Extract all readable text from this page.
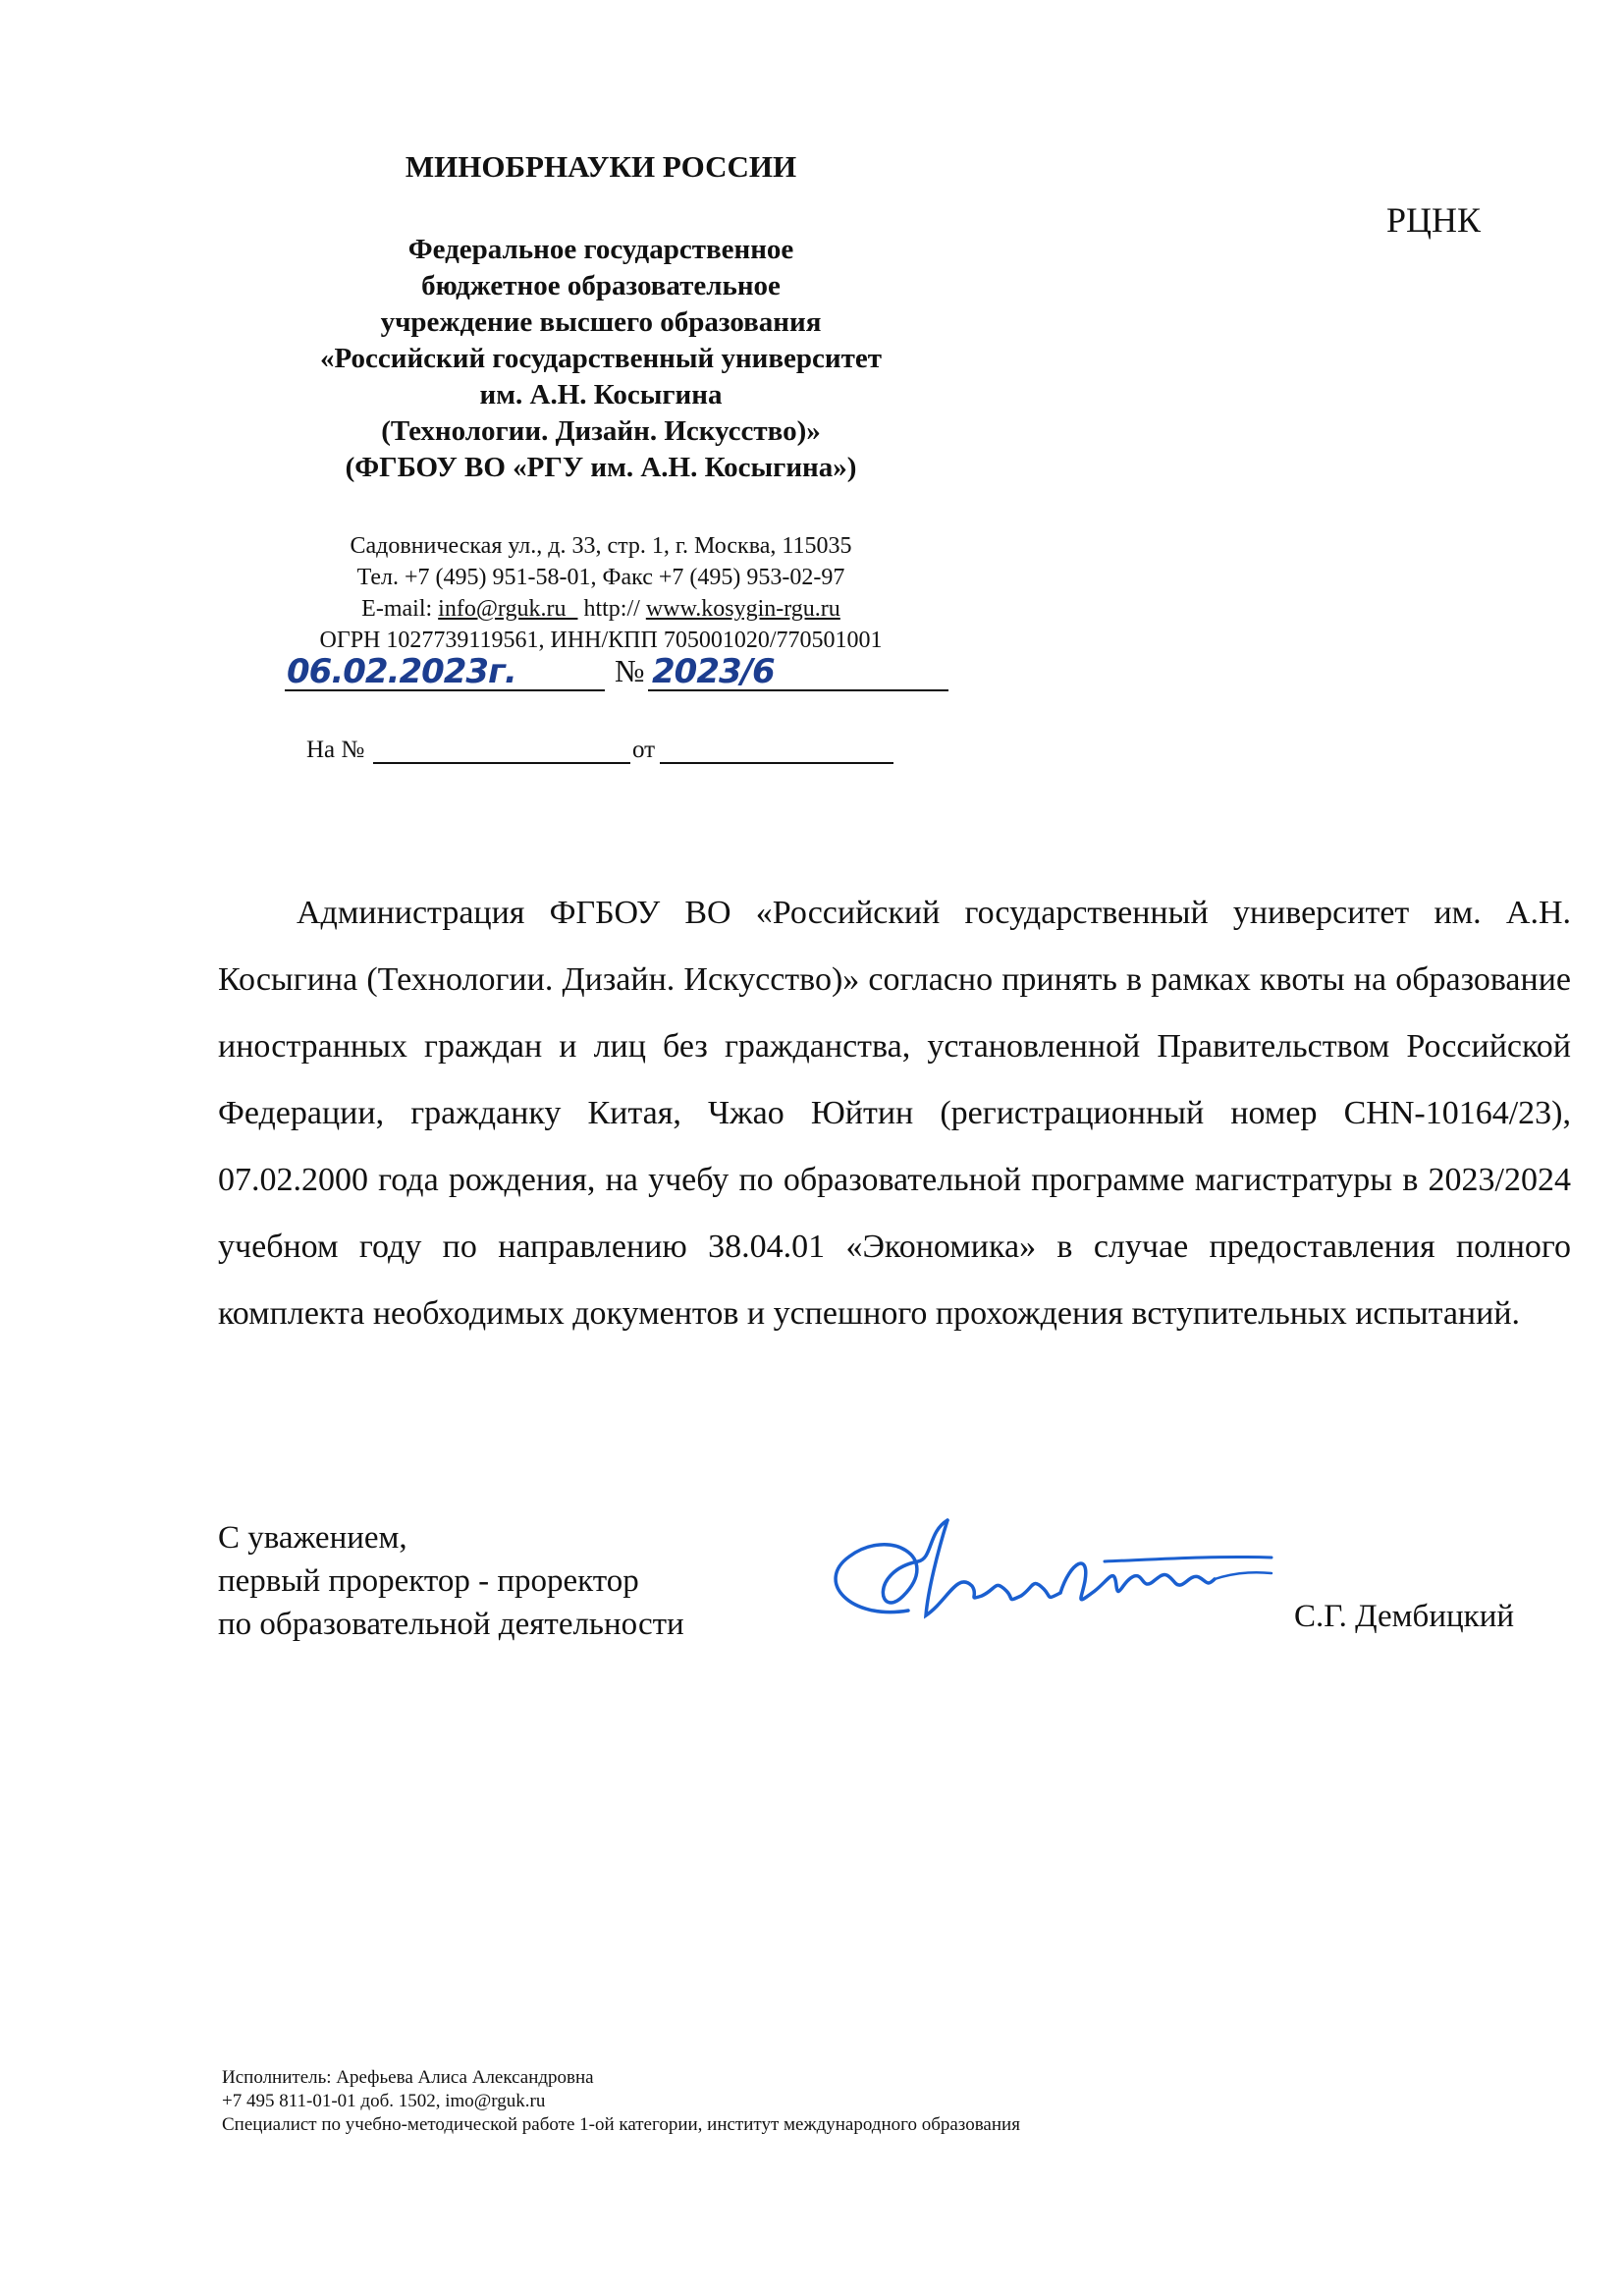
МИНОБРНАУКИ РОССИИ
Федеральное государственное
бюджетное образовательное
учреждение высшего образования
«Российский государственный университет
им. А.Н. Косыгина
(Технологии. Дизайн. Искусство)»
(ФГБОУ ВО «РГУ им. А.Н. Косыгина»)
Садовническая ул., д. 33, стр. 1, г. Москва, 115035
Тел. +7 (495) 951-58-01, Факс +7 (495) 953-02-97
E-mail: info@rguk.ru http:// www.kosygin-rgu.ru
ОГРН 1027739119561, ИНН/КПП 705001020/770501001
РЦНК
06.02.2023г.	№ 2023/6
На №	от

Администрация ФГБОУ ВО «Российский государственный университет им. А.Н. Косыгина (Технологии. Дизайн. Искусство)» согласно принять в рамках квоты на образование иностранных граждан и лиц без гражданства, установленной Правительством Российской Федерации, гражданку Китая, Чжао Юйтин (регистрационный номер CHN-10164/23), 07.02.2000 года рождения, на учебу по образовательной программе магистратуры в 2023/2024 учебном году по направлению 38.04.01 «Экономика» в случае предоставления полного комплекта необходимых документов и успешного прохождения вступительных испытаний.

С уважением,
первый проректор - проректор
по образовательной деятельности	С.Г. Дембицкий
Исполнитель: Арефьева Алиса Александровна
+7 495 811-01-01 доб. 1502, imo@rguk.ru
Специалист по учебно-методической работе 1-ой категории, институт международного образования
